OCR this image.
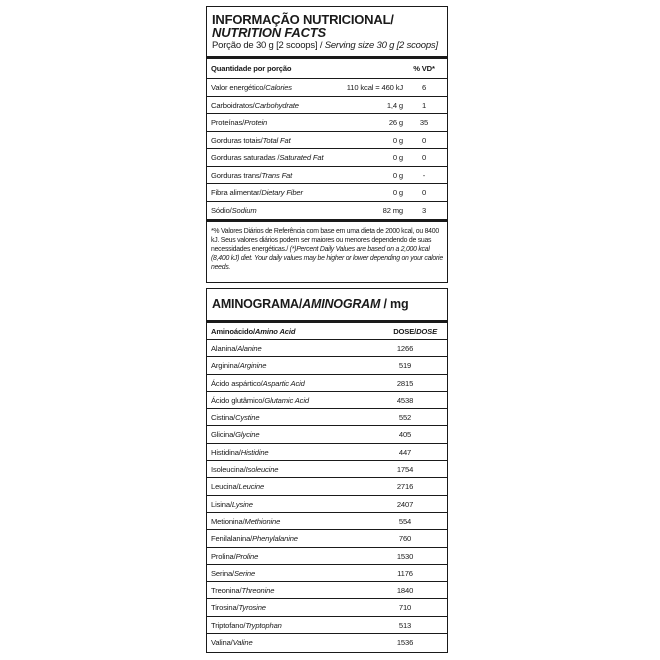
INFORMAÇÃO NUTRICIONAL/
NUTRITION FACTS
Porção de 30 g [2 scoops] / Serving size 30 g [2 scoops]
Quantidade por porção	% VD*
Valor energético/Calories	110 kcal = 460 kJ	6
Carboidratos/Carbohydrate	1,4 g	1
Proteínas/Protein	26 g	35
Gorduras totais/Total Fat	0 g	0
Gorduras saturadas /Saturated Fat	0 g	0
Gorduras trans/Trans Fat	0 g	-
Fibra alimentar/Dietary Fiber	0 g	0
Sódio/Sodium	82 mg	3
*% Valores Diários de Referência com base em uma dieta de 2000 kcal, ou 8400 kJ. Seus valores diários podem ser maiores ou menores dependendo de suas necessidades energéticas./ (*)Percent Daily Values are based on a 2,000 kcal (8,400 kJ) diet. Your daily values may be higher or lower depending on your calorie needs.
AMINOGRAMA/AMINOGRAM / mg
Aminoácido/Amino Acid	DOSE/DOSE
Alanina/Alanine	1266
Arginina/Arginine	519
Ácido aspártico/Aspartic Acid	2815
Ácido glutâmico/Glutamic Acid	4538
Cistina/Cystine	552
Glicina/Glycine	405
Histidina/Histidine	447
Isoleucina/Isoleucine	1754
Leucina/Leucine	2716
Lisina/Lysine	2407
Metionina/Methionine	554
Fenilalanina/Phenylalanine	760
Prolina/Proline	1530
Serina/Serine	1176
Treonina/Threonine	1840
Tirosina/Tyrosine	710
Triptofano/Tryptophan	513
Valina/Valine	1536
